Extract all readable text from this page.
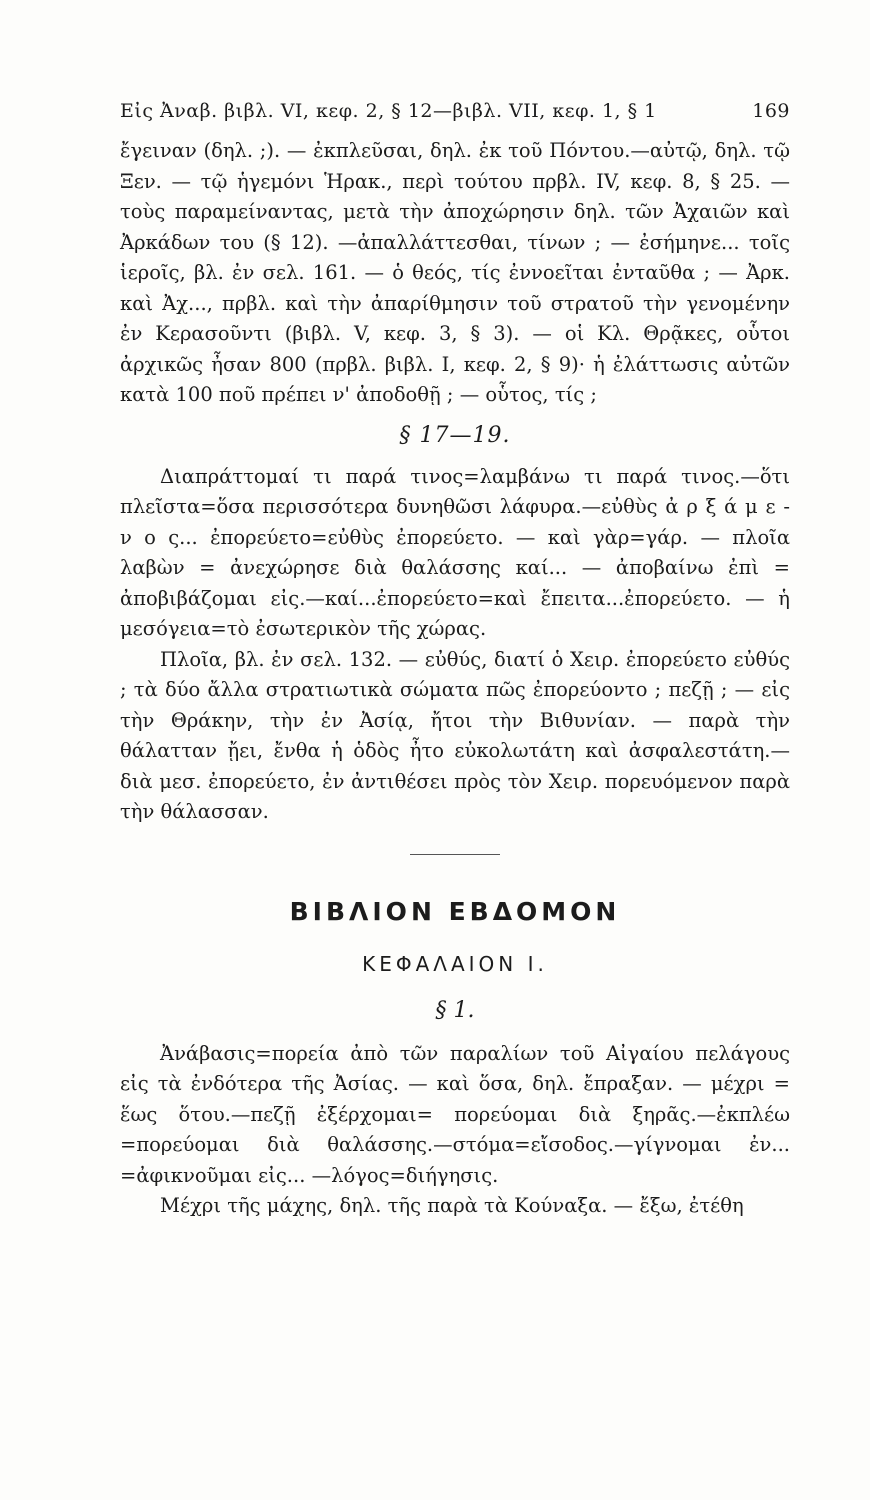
Εἰς Ἀναβ. βιβλ. VI, κεφ. 2, § 12—βιβλ. VII, κεφ. 1, § 1	169

ἔγειναν (δηλ. ;). — ἐκπλεῦσαι, δηλ. ἐκ τοῦ Πόντου.—αὐτῷ, δηλ. τῷ Ξεν. — τῷ ἡγεμόνι Ἡρακ., περὶ τούτου πρβλ. IV, κεφ. 8, § 25. — τοὺς παραμείναντας, μετὰ τὴν ἀποχώρησιν δηλ. τῶν Ἀχαιῶν καὶ Ἀρκάδων του (§ 12). —ἀπαλλάττεσθαι, τίνων ; — ἐσήμηνε... τοῖς ἱεροῖς, βλ. ἐν σελ. 161. — ὁ θεός, τίς ἐννοεῖται ἐνταῦθα ; — Ἀρκ. καὶ Ἀχ..., πρβλ. καὶ τὴν ἀπαρίθμησιν τοῦ στρατοῦ τὴν γενομένην ἐν Κερασοῦντι (βιβλ. V, κεφ. 3, § 3). — οἱ Κλ. Θρᾷκες, οὗτοι ἀρχικῶς ἦσαν 800 (πρβλ. βιβλ. I, κεφ. 2, § 9)· ἡ ἐλάττωσις αὐτῶν κατὰ 100 ποῦ πρέπει ν' ἀποδοθῇ ; — οὗτος, τίς ;

§ 17—19.

Διαπράττομαί τι παρά τινος=λαμβάνω τι παρά τινος.—ὅτι πλεῖστα=ὅσα περισσότερα δυνηθῶσι λάφυρα.—εὐθὺς ἀ ρ ξ ά μ ε - ν ο ς... ἐπορεύετο=εὐθὺς ἐπορεύετο. — καὶ γὰρ=γάρ. — πλοῖα λαβὼν = ἀνεχώρησε διὰ θαλάσσης καί... — ἀποβαίνω ἐπὶ = ἀποβιβάζομαι εἰς.—καί...ἐπορεύετο=καὶ ἔπειτα...ἐπορεύετο. — ἡ μεσόγεια=τὸ ἐσωτερικὸν τῆς χώρας.

Πλοῖα, βλ. ἐν σελ. 132. — εὐθύς, διατί ὁ Χειρ. ἐπορεύετο εὐθύς ; τὰ δύο ἄλλα στρατιωτικὰ σώματα πῶς ἐπορεύοντο ; πεζῇ ; — εἰς τὴν Θράκην, τὴν ἐν Ἀσίᾳ, ἤτοι τὴν Βιθυνίαν. — παρὰ τὴν θάλατταν ᾔει, ἔνθα ἡ ὁδὸς ἦτο εὐκολωτάτη καὶ ἀσφαλεστάτη.— διὰ μεσ. ἐπορεύετο, ἐν ἀντιθέσει πρὸς τὸν Χειρ. πορευόμενον παρὰ τὴν θάλασσαν.

ΒΙΒΛΙΟΝ ΕΒΔΟΜΟΝ
ΚΕΦΑΛΑΙΟΝ Ι.
§ 1.

Ἀνάβασις=πορεία ἀπὸ τῶν παραλίων τοῦ Αἰγαίου πελάγους εἰς τὰ ἐνδότερα τῆς Ἀσίας. — καὶ ὅσα, δηλ. ἔπραξαν. — μέχρι = ἕως ὅτου.—πεζῇ ἐξέρχομαι= πορεύομαι διὰ ξηρᾶς.—ἐκπλέω =πορεύομαι διὰ θαλάσσης.—στόμα=εἴσοδος.—γίγνομαι ἐν... =ἀφικνοῦμαι εἰς... —λόγος=διήγησις.

Μέχρι τῆς μάχης, δηλ. τῆς παρὰ τὰ Κούναξα. — ἔξω, ἐτέθη
